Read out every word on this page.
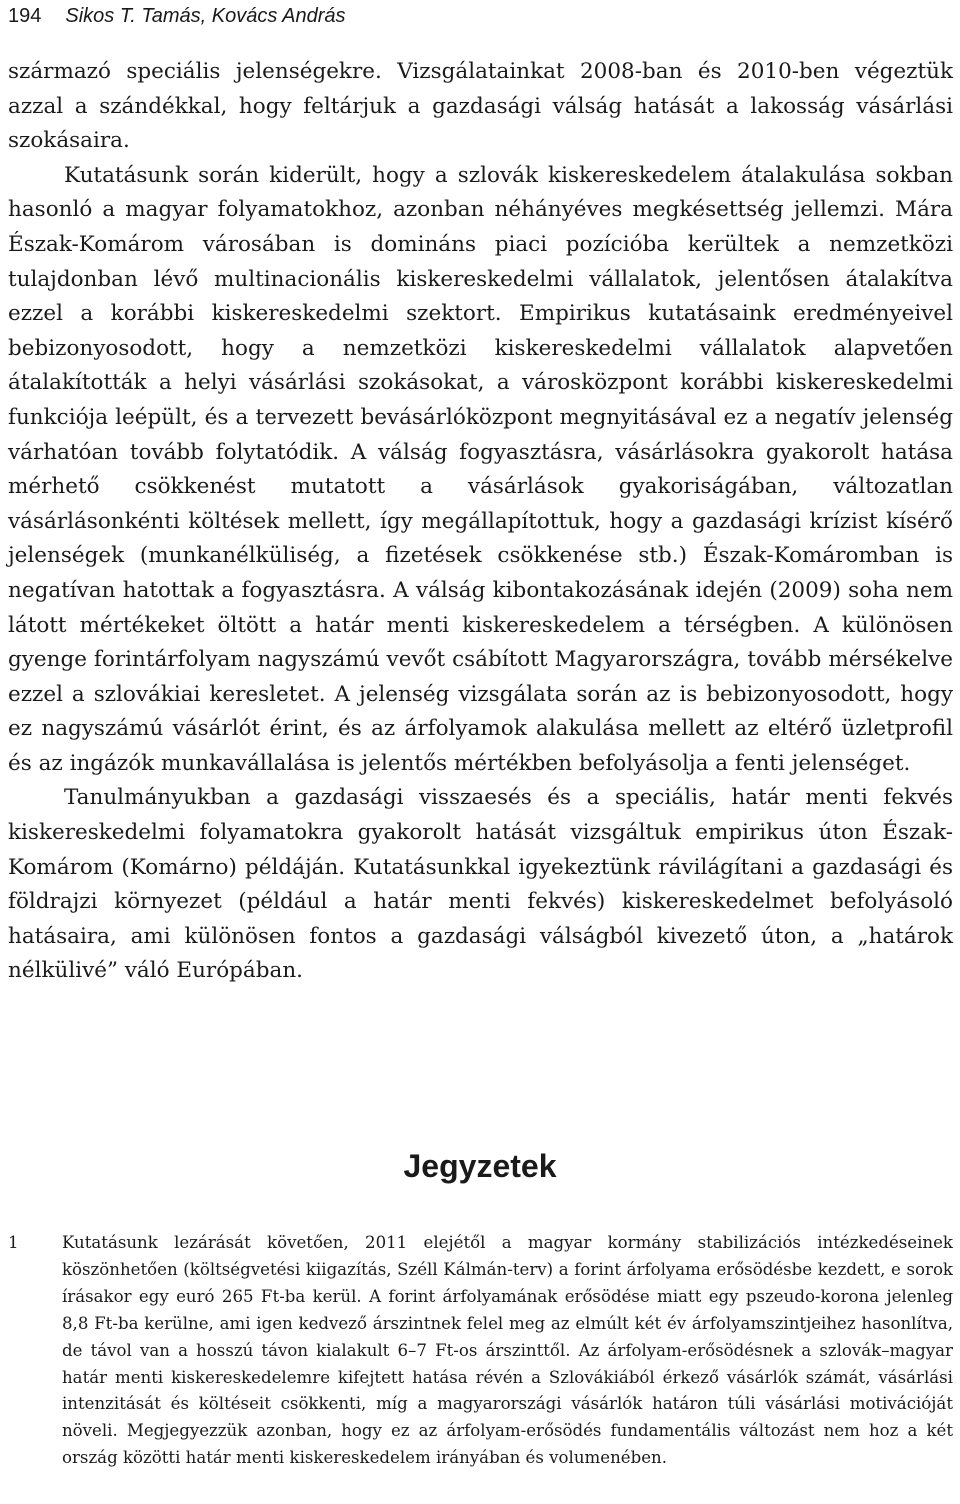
194 Sikos T. Tamás, Kovács András

származó speciális jelenségekre. Vizsgálatainkat 2008-ban és 2010-ben végeztük azzal a szándékkal, hogy feltárjuk a gazdasági válság hatását a lakosság vásárlási szokásaira.

Kutatásunk során kiderült, hogy a szlovák kiskereskedelem átalakulása sokban hasonló a magyar folyamatokhoz, azonban néhányéves megkésettség jellemzi. Mára Észak-Komárom városában is domináns piaci pozícióba kerültek a nemzetközi tulajdonban lévő multinacionális kiskereskedelmi vállalatok, jelentősen átalakítva ezzel a korábbi kiskereskedelmi szektort. Empirikus kutatásaink eredményeivel bebizonyosodott, hogy a nemzetközi kiskereskedelmi vállalatok alapvetően átalakították a helyi vásárlási szokásokat, a városközpont korábbi kiskereskedelmi funkciója leépült, és a tervezett bevásárlóközpont megnyitásával ez a negatív jelenség várhatóan tovább folytatódik. A válság fogyasztásra, vásárlásokra gyakorolt hatása mérhető csökkenést mutatott a vásárlások gyakoriságában, változatlan vásárlásonkénti költések mellett, így megállapítottuk, hogy a gazdasági krízist kísérő jelenségek (munkanélküliség, a fizetések csökkenése stb.) Észak-Komáromban is negatívan hatottak a fogyasztásra. A válság kibontakozásának idején (2009) soha nem látott mértékeket öltött a határ menti kiskereskedelem a térségben. A különösen gyenge forintárfolyam nagyszámú vevőt csábított Magyarországra, tovább mérsékelve ezzel a szlovákiai keresletet. A jelenség vizsgálata során az is bebizonyosodott, hogy ez nagyszámú vásárlót érint, és az árfolyamok alakulása mellett az eltérő üzletprofil és az ingázók munkavállalása is jelentős mértékben befolyásolja a fenti jelenséget.

Tanulmányukban a gazdasági visszaesés és a speciális, határ menti fekvés kiskereskedelmi folyamatokra gyakorolt hatását vizsgáltuk empirikus úton Észak-Komárom (Komárno) példáján. Kutatásunkkal igyekeztünk rávilágítani a gazdasági és földrajzi környezet (például a határ menti fekvés) kiskereskedelmet befolyásoló hatásaira, ami különösen fontos a gazdasági válságból kivezető úton, a „határok nélkülivé” váló Európában.

Jegyzetek
1	Kutatásunk lezárását követően, 2011 elejétől a magyar kormány stabilizációs intézkedéseinek köszönhetően (költségvetési kiigazítás, Széll Kálmán-terv) a forint árfolyama erősödésbe kezdett, e sorok írásakor egy euró 265 Ft-ba kerül. A forint árfolyamának erősödése miatt egy pszeudo-korona jelenleg 8,8 Ft-ba kerülne, ami igen kedvező árszintnek felel meg az elmúlt két év árfolyamszintjeihez hasonlítva, de távol van a hosszú távon kialakult 6–7 Ft-os árszinttől. Az árfolyam-erősödésnek a szlovák–magyar határ menti kiskereskedelemre kifejtett hatása révén a Szlovákiából érkező vásárlók számát, vásárlási intenzitását és költéseit csökkenti, míg a magyarországi vásárlók határon túli vásárlási motivációját növeli. Megjegyezzük azonban, hogy ez az árfolyam-erősödés fundamentális változást nem hoz a két ország közötti határ menti kiskereskedelem irányában és volumenében.
